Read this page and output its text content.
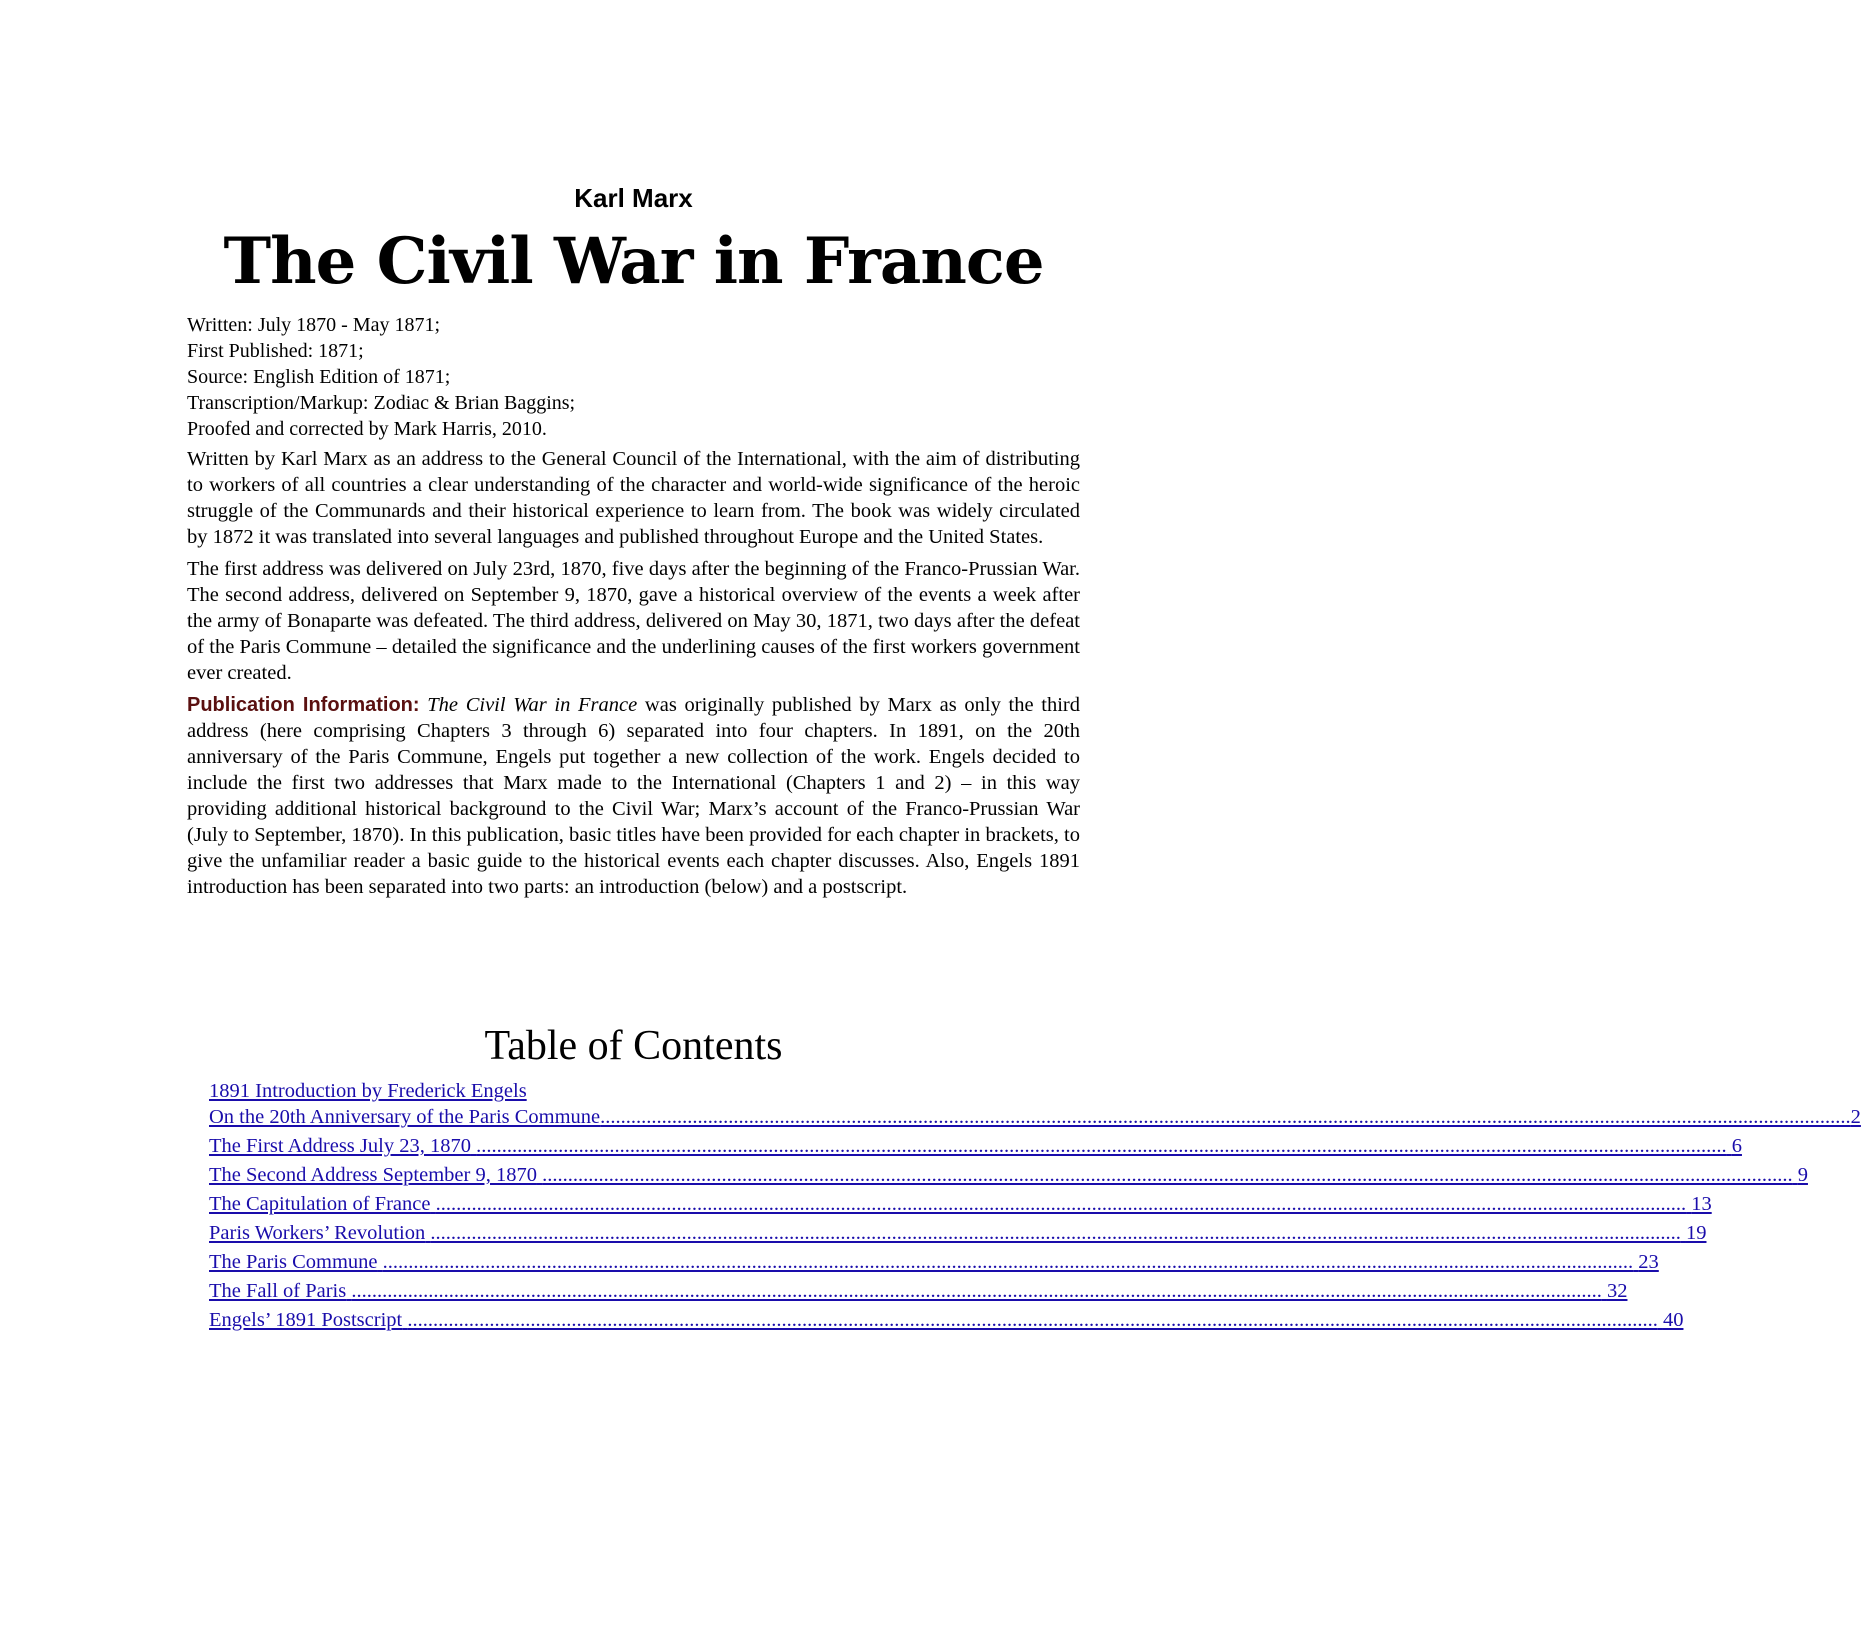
Karl Marx
The Civil War in France
Written: July 1870 - May 1871;
First Published: 1871;
Source: English Edition of 1871;
Transcription/Markup: Zodiac & Brian Baggins;
Proofed and corrected by Mark Harris, 2010.

Written by Karl Marx as an address to the General Council of the International, with the aim of distributing to workers of all countries a clear understanding of the character and world-wide significance of the heroic struggle of the Communards and their historical experience to learn from. The book was widely circulated by 1872 it was translated into several languages and published throughout Europe and the United States.

The first address was delivered on July 23rd, 1870, five days after the beginning of the Franco-Prussian War. The second address, delivered on September 9, 1870, gave a historical overview of the events a week after the army of Bonaparte was defeated. The third address, delivered on May 30, 1871, two days after the defeat of the Paris Commune – detailed the significance and the underlining causes of the first workers government ever created.

Publication Information: The Civil War in France was originally published by Marx as only the third address (here comprising Chapters 3 through 6) separated into four chapters. In 1891, on the 20th anniversary of the Paris Commune, Engels put together a new collection of the work. Engels decided to include the first two addresses that Marx made to the International (Chapters 1 and 2) – in this way providing additional historical background to the Civil War; Marx’s account of the Franco-Prussian War (July to September, 1870). In this publication, basic titles have been provided for each chapter in brackets, to give the unfamiliar reader a basic guide to the historical events each chapter discusses. Also, Engels 1891 introduction has been separated into two parts: an introduction (below) and a postscript.

Table of Contents
1891 Introduction by Frederick Engels
On the 20th Anniversary of the Paris Commune .....	2
The First Address July 23, 1870 .....	6
The Second Address September 9, 1870 .....	9
The Capitulation of France .....	13
Paris Workers’ Revolution .....	19
The Paris Commune .....	23
The Fall of Paris .....	32
Engels’ 1891 Postscript .....	40
